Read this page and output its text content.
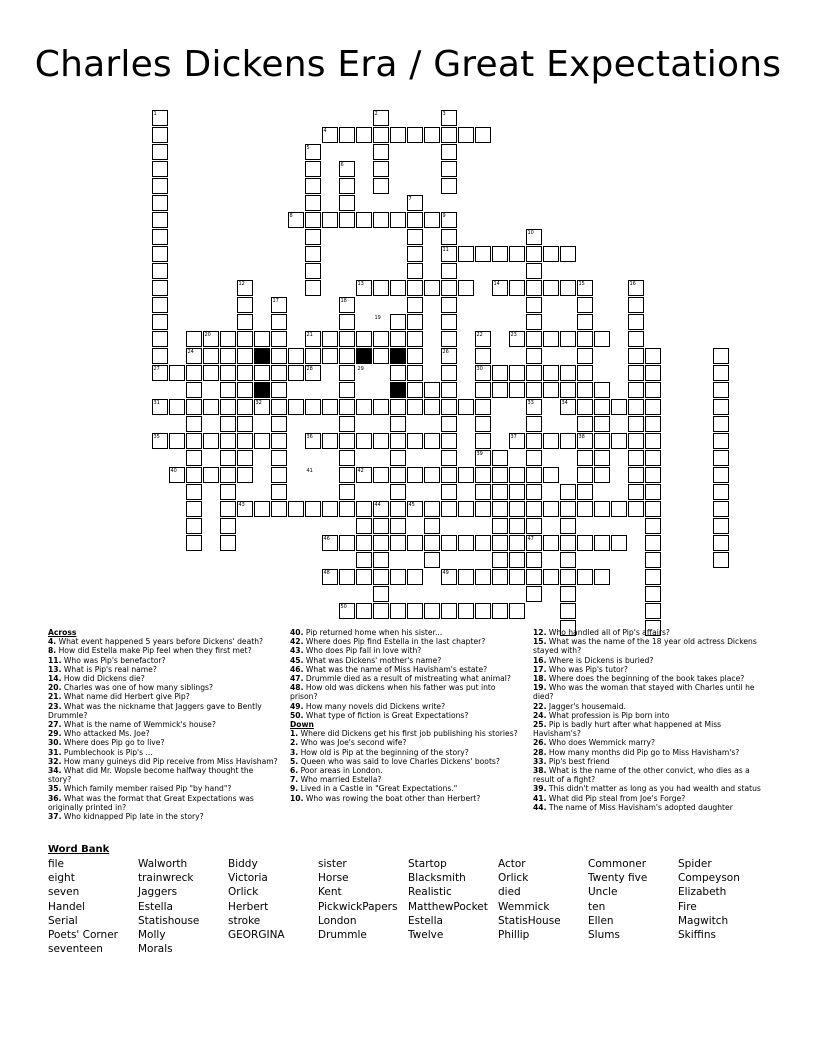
Charles Dickens Era / Great Expectations
1	2	3
4
5
6
7
8	9
10
11
12	13	14	15	16
17	18
19
20	21	22	23
24	25	26
27	28	29	30
31	32	33	34
35	36	37	38
39
40	41	42
43	44	45
46	47
48	49
50
Across
4. What event happened 5 years before Dickens' death?
8. How did Estella make Pip feel when they first met?
11. Who was Pip's benefactor?
13. What is Pip's real name?
14. How did Dickens die?
20. Charles was one of how many siblings?
21. What name did Herbert give Pip?
23. What was the nickname that Jaggers gave to Bently Drummle?
27. What is the name of Wemmick's house?
29. Who attacked Ms. Joe?
30. Where does Pip go to live?
31. Pumblechook is Pip's ...
32. How many guineys did Pip receive from Miss Havisham?
34. What did Mr. Wopsle become halfway thought the story?
35. Which family member raised Pip "by hand"?
36. What was the format that Great Expectations was originally printed in?
37. Who kidnapped Pip late in the story?
40. Pip returned home when his sister...
42. Where does Pip find Estella in the last chapter?
43. Who does Pip fall in love with?
45. What was Dickens' mother's name?
46. What was the name of Miss Havisham's estate?
47. Drummle died as a result of mistreating what animal?
48. How old was dickens when his father was put into prison?
49. How many novels did Dickens write?
50. What type of fiction is Great Expectations?
Down
1. Where did Dickens get his first job publishing his stories?
2. Who was Joe's second wife?
3. How old is Pip at the beginning of the story?
5. Queen who was said to love Charles Dickens' boots?
6. Poor areas in London.
7. Who married Estella?
9. Lived in a Castle in "Great Expectations."
10. Who was rowing the boat other than Herbert?
12. Who handled all of Pip's affairs?
15. What was the name of the 18 year old actress Dickens stayed with?
16. Where is Dickens is buried?
17. Who was Pip's tutor?
18. Where does the beginning of the book takes place?
19. Who was the woman that stayed with Charles until he died?
22. Jagger's housemaid.
24. What profession is Pip born into
25. Pip is badly hurt after what happened at Miss Havisham's?
26. Who does Wemmick marry?
28. How many months did Pip go to Miss Havisham's?
33. Pip's best friend
38. What is the name of the other convict, who dies as a result of a fight?
39. This didn't matter as long as you had wealth and status
41. What did Pip steal from Joe's Forge?
44. The name of Miss Havisham's adopted daughter
Word Bank
file
eight
seven
Handel
Serial
Poets' Corner
seventeen
Walworth
trainwreck
Jaggers
Estella
Statishouse
Molly
Morals
Biddy
Victoria
Orlick
Herbert
stroke
GEORGINA
sister
Horse
Kent
PickwickPapers
London
Drummle
Startop
Blacksmith
Realistic
MatthewPocket
Estella
Twelve
Actor
Orlick
died
Wemmick
StatisHouse
Phillip
Commoner
Twenty five
Uncle
ten
Ellen
Slums
Spider
Compeyson
Elizabeth
Fire
Magwitch
Skiffins
